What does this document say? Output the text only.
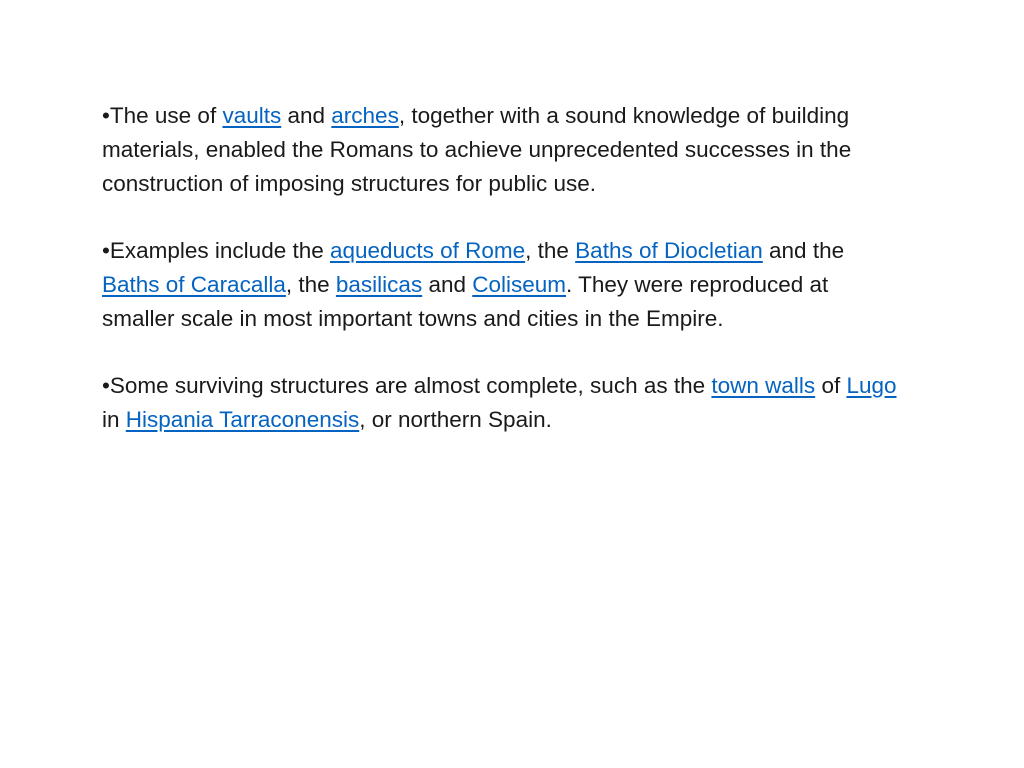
•The use of vaults and arches, together with a sound knowledge of building materials, enabled the Romans to achieve unprecedented successes in the construction of imposing structures for public use.

•Examples include the aqueducts of Rome, the Baths of Diocletian and the Baths of Caracalla, the basilicas and Coliseum. They were reproduced at smaller scale in most important towns and cities in the Empire.

•Some surviving structures are almost complete, such as the town walls of Lugo in Hispania Tarraconensis, or northern Spain.
